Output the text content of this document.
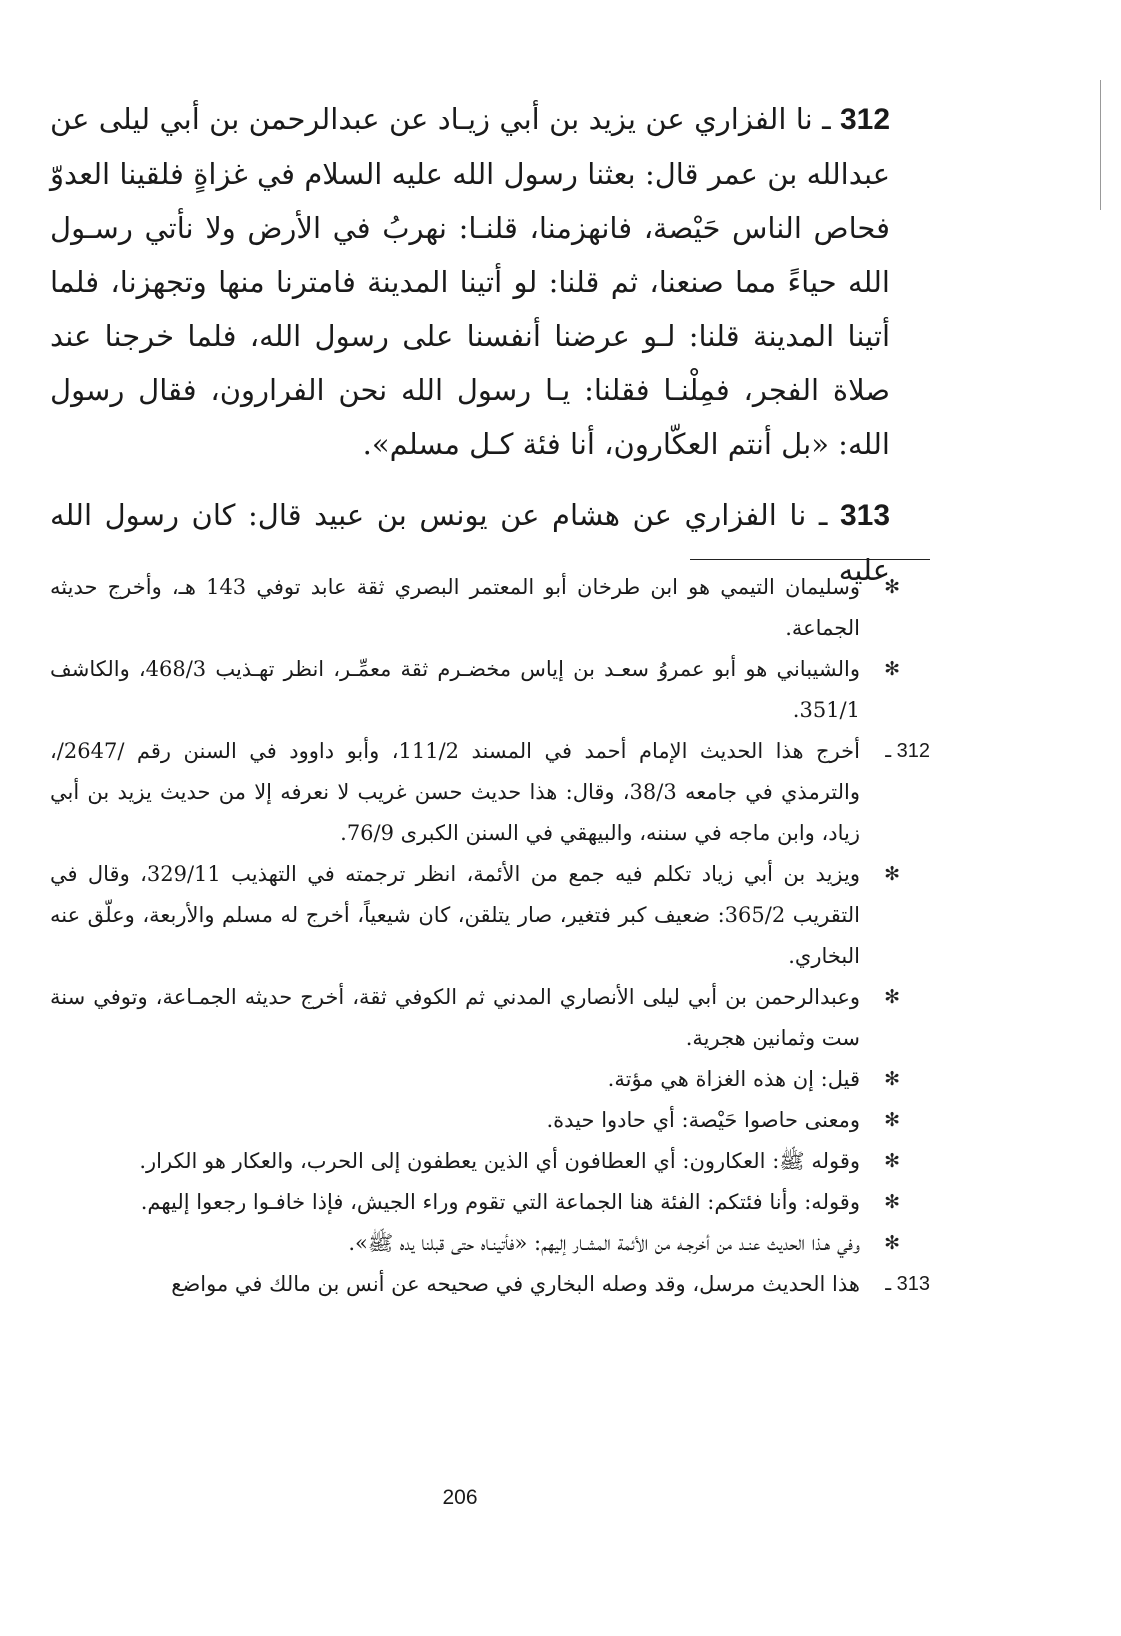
312 ـ نا الفزاري عن يزيد بن أبي زيـاد عن عبدالرحمن بن أبي ليلى عن عبدالله بن عمر قال: بعثنا رسول الله عليه السلام في غزاةٍ فلقينا العدوّ فحاص الناس حَيْصة، فانهزمنا، قلنـا: نهربُ في الأرض ولا نأتي رسـول الله حياءً مما صنعنا، ثم قلنا: لو أتينا المدينة فامترنا منها وتجهزنا، فلما أتينا المدينة قلنا: لـو عرضنا أنفسنا على رسول الله، فلما خرجنا عند صلاة الفجر، فمِلْنـا فقلنا: يـا رسول الله نحن الفرارون، فقال رسول الله: «بل أنتم العكّارون، أنا فئة كـل مسلم».
313 ـ نا الفزاري عن هشام عن يونس بن عبيد قال: كان رسول الله عليه
✻
وسليمان التيمي هو ابن طرخان أبو المعتمر البصري ثقة عابد توفي 143 هـ، وأخرج حديثه الجماعة.
✻
والشيباني هو أبو عمروُ سعـد بن إياس مخضـرم ثقة معمِّـر، انظر تهـذيب 468/3، والكاشف 351/1.
312 ـ
أخرج هذا الحديث الإمام أحمد في المسند 111/2، وأبو داوود في السنن رقم /2647/، والترمذي في جامعه 38/3، وقال: هذا حديث حسن غريب لا نعرفه إلا من حديث يزيد بن أبي زياد، وابن ماجه في سننه، والبيهقي في السنن الكبرى 76/9.
✻
ويزيد بن أبي زياد تكلم فيه جمع من الأئمة، انظر ترجمته في التهذيب 329/11، وقال في التقريب 365/2: ضعيف كبر فتغير، صار يتلقن، كان شيعياً، أخرج له مسلم والأربعة، وعلّق عنه البخاري.
✻
وعبدالرحمن بن أبي ليلى الأنصاري المدني ثم الكوفي ثقة، أخرج حديثه الجمـاعة، وتوفي سنة ست وثمانين هجرية.
✻
قيل: إن هذه الغزاة هي مؤتة.
✻
ومعنى حاصوا حَيْصة: أي حادوا حيدة.
✻
وقوله ﷺ: العكارون: أي العطافون أي الذين يعطفون إلى الحرب، والعكار هو الكرار.
✻
وقوله: وأنا فئتكم: الفئة هنا الجماعة التي تقوم وراء الجيش، فإذا خافـوا رجعوا إليهم.
✻
وفي هـذا الحديث عنـد من أخرجـه من الأئمة المشـار إليهم: «فأتينـاه حتى قبلنا يده ﷺ».
313 ـ
هذا الحديث مرسل، وقد وصله البخاري في صحيحه عن أنس بن مالك في مواضع
206
